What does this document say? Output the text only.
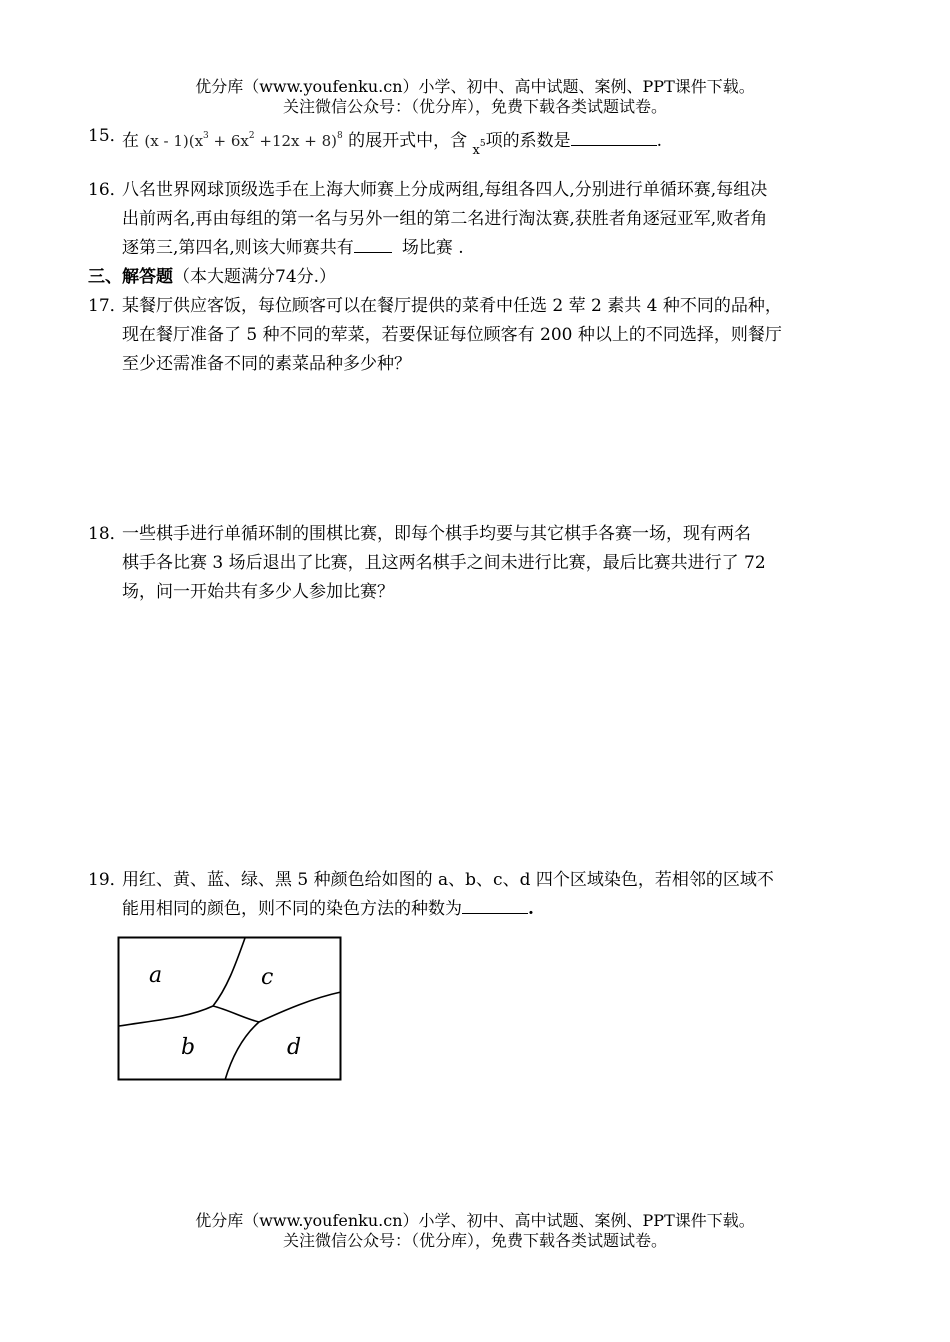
优分库（www.youfenku.cn）小学、初中、高中试题、案例、PPT课件下载。
关注微信公众号：（优分库），免费下载各类试题试卷。
15．
在 $(x - 1)(x^3 + 6x^2 +12x + 8)^8$ 的展开式中，含 $_{x^5}$项的系数是	.
16．
八名世界网球顶级选手在上海大师赛上分成两组,每组各四人,分别进行单循环赛,每组决
出前两名,再由每组的第一名与另外一组的第二名进行淘汰赛,获胜者角逐冠亚军,败者角
逐第三,第四名,则该大师赛共有	场比赛 .
三、解答题（本大题满分74分.）
17．
某餐厅供应客饭，每位顾客可以在餐厅提供的菜肴中任选 2 荤 2 素共 4 种不同的品种，
现在餐厅准备了 5 种不同的荤菜，若要保证每位顾客有 200 种以上的不同选择，则餐厅
至少还需准备不同的素菜品种多少种？
18．
一些棋手进行单循环制的围棋比赛，即每个棋手均要与其它棋手各赛一场，现有两名
棋手各比赛 3 场后退出了比赛，且这两名棋手之间未进行比赛，最后比赛共进行了 72
场，问一开始共有多少人参加比赛？
19．
用红、黄、蓝、绿、黑 5 种颜色给如图的 a、b、c、d 四个区域染色，若相邻的区域不
能用相同的颜色，则不同的染色方法的种数为	.
a	c
b	d
优分库（www.youfenku.cn）小学、初中、高中试题、案例、PPT课件下载。
关注微信公众号：（优分库），免费下载各类试题试卷。
